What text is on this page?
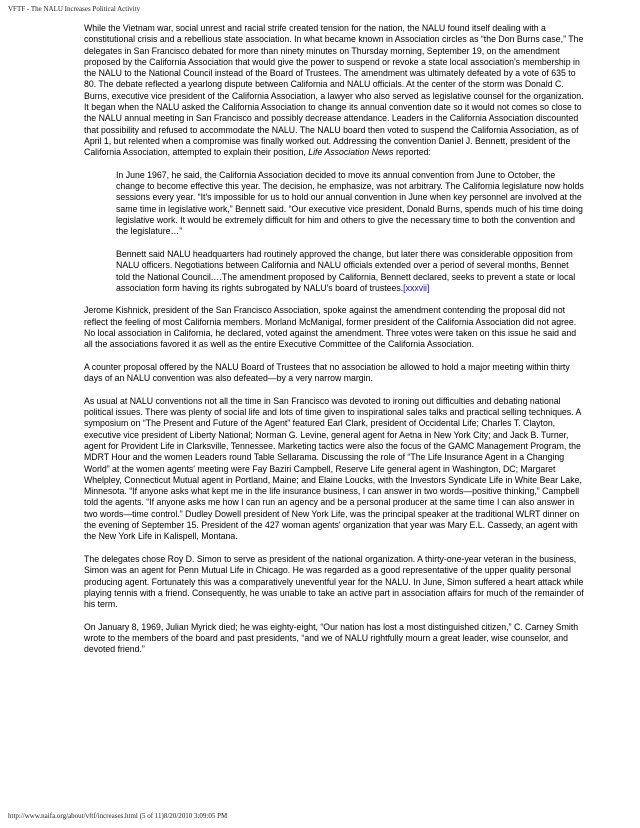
VFTF - The NALU Increases Political Activity

While the Vietnam war, social unrest and racial strife created tension for the nation, the NALU found itself dealing with a constitutional crisis and a rebellious state association. In what became known in Association circles as “the Don Burns case,” The delegates in San Francisco debated for more than ninety minutes on Thursday morning, September 19, on the amendment proposed by the California Association that would give the power to suspend or revoke a state local association's membership in the NALU to the National Council instead of the Board of Trustees. The amendment was ultimately defeated by a vote of 635 to 80. The debate reflected a yearlong dispute between California and NALU officials. At the center of the storm was Donald C. Burns, executive vice president of the California Association, a lawyer who also served as legislative counsel for the organization. It began when the NALU asked the California Association to change its annual convention date so it would not comes so close to the NALU annual meeting in San Francisco and possibly decrease attendance. Leaders in the California Association discounted that possibility and refused to accommodate the NALU. The NALU board then voted to suspend the California Association, as of April 1, but relented when a compromise was finally worked out. Addressing the convention Daniel J. Bennett, president of the California Association, attempted to explain their position, Life Association News reported:

In June 1967, he said, the California Association decided to move its annual convention from June to October, the change to become effective this year. The decision, he emphasize, was not arbitrary. The California legislature now holds sessions every year. “It's impossible for us to hold our annual convention in June when key personnel are involved at the same time in legislative work,” Bennett said. “Our executive vice president, Donald Burns, spends much of his time doing legislative work. It would be extremely difficult for him and others to give the necessary time to both the convention and the legislature…”

Bennett said NALU headquarters had routinely approved the change, but later there was considerable opposition from NALU officers. Negotiations between California and NALU officials extended over a period of several months, Bennet told the National Council.…The amendment proposed by California, Bennett declared, seeks to prevent a state or local association form having its rights subrogated by NALU's board of trustees.[xxxvii]

Jerome Kishnick, president of the San Francisco Association, spoke against the amendment contending the proposal did not reflect the feeling of most California members. Morland McManigal, former president of the California Association did not agree. No local association in California, he declared, voted against the amendment. Three votes were taken on this issue he said and all the associations favored it as well as the entire Executive Committee of the California Association.

A counter proposal offered by the NALU Board of Trustees that no association be allowed to hold a major meeting within thirty days of an NALU convention was also defeated—by a very narrow margin.

As usual at NALU conventions not all the time in San Francisco was devoted to ironing out difficulties and debating national political issues. There was plenty of social life and lots of time given to inspirational sales talks and practical selling techniques. A symposium on “The Present and Future of the Agent” featured Earl Clark, president of Occidental Life; Charles T. Clayton, executive vice president of Liberty National; Norman G. Levine, general agent for Aetna in New York City; and Jack B. Turner, agent for Provident Life in Clarksville, Tennessee. Marketing tactics were also the focus of the GAMC Management Program, the MDRT Hour and the women Leaders round Table Sellarama. Discussing the role of “The Life Insurance Agent in a Changing World” at the women agents' meeting were Fay Baziri Campbell, Reserve Life general agent in Washington, DC; Margaret Whelpley, Connecticut Mutual agent in Portland, Maine; and Elaine Loucks, with the Investors Syndicate Life in White Bear Lake, Minnesota. “If anyone asks what kept me in the life insurance business, I can answer in two words—positive thinking,” Campbell told the agents. “If anyone asks me how I can run an agency and be a personal producer at the same time I can also answer in two words—time control.” Dudley Dowell president of New York Life, was the principal speaker at the traditional WLRT dinner on the evening of September 15. President of the 427 woman agents' organization that year was Mary E.L. Cassedy, an agent with the New York Life in Kalispell, Montana.

The delegates chose Roy D. Simon to serve as president of the national organization. A thirty-one-year veteran in the business, Simon was an agent for Penn Mutual Life in Chicago. He was regarded as a good representative of the upper quality personal producing agent. Fortunately this was a comparatively uneventful year for the NALU. In June, Simon suffered a heart attack while playing tennis with a friend. Consequently, he was unable to take an active part in association affairs for much of the remainder of his term.

On January 8, 1969, Julian Myrick died; he was eighty-eight, “Our nation has lost a most distinguished citizen,” C. Carney Smith wrote to the members of the board and past presidents, “and we of NALU rightfully mourn a great leader, wise counselor, and devoted friend.”

http://www.naifa.org/about/vftf/increases.html (5 of 11)8/20/2010 3:09:05 PM
